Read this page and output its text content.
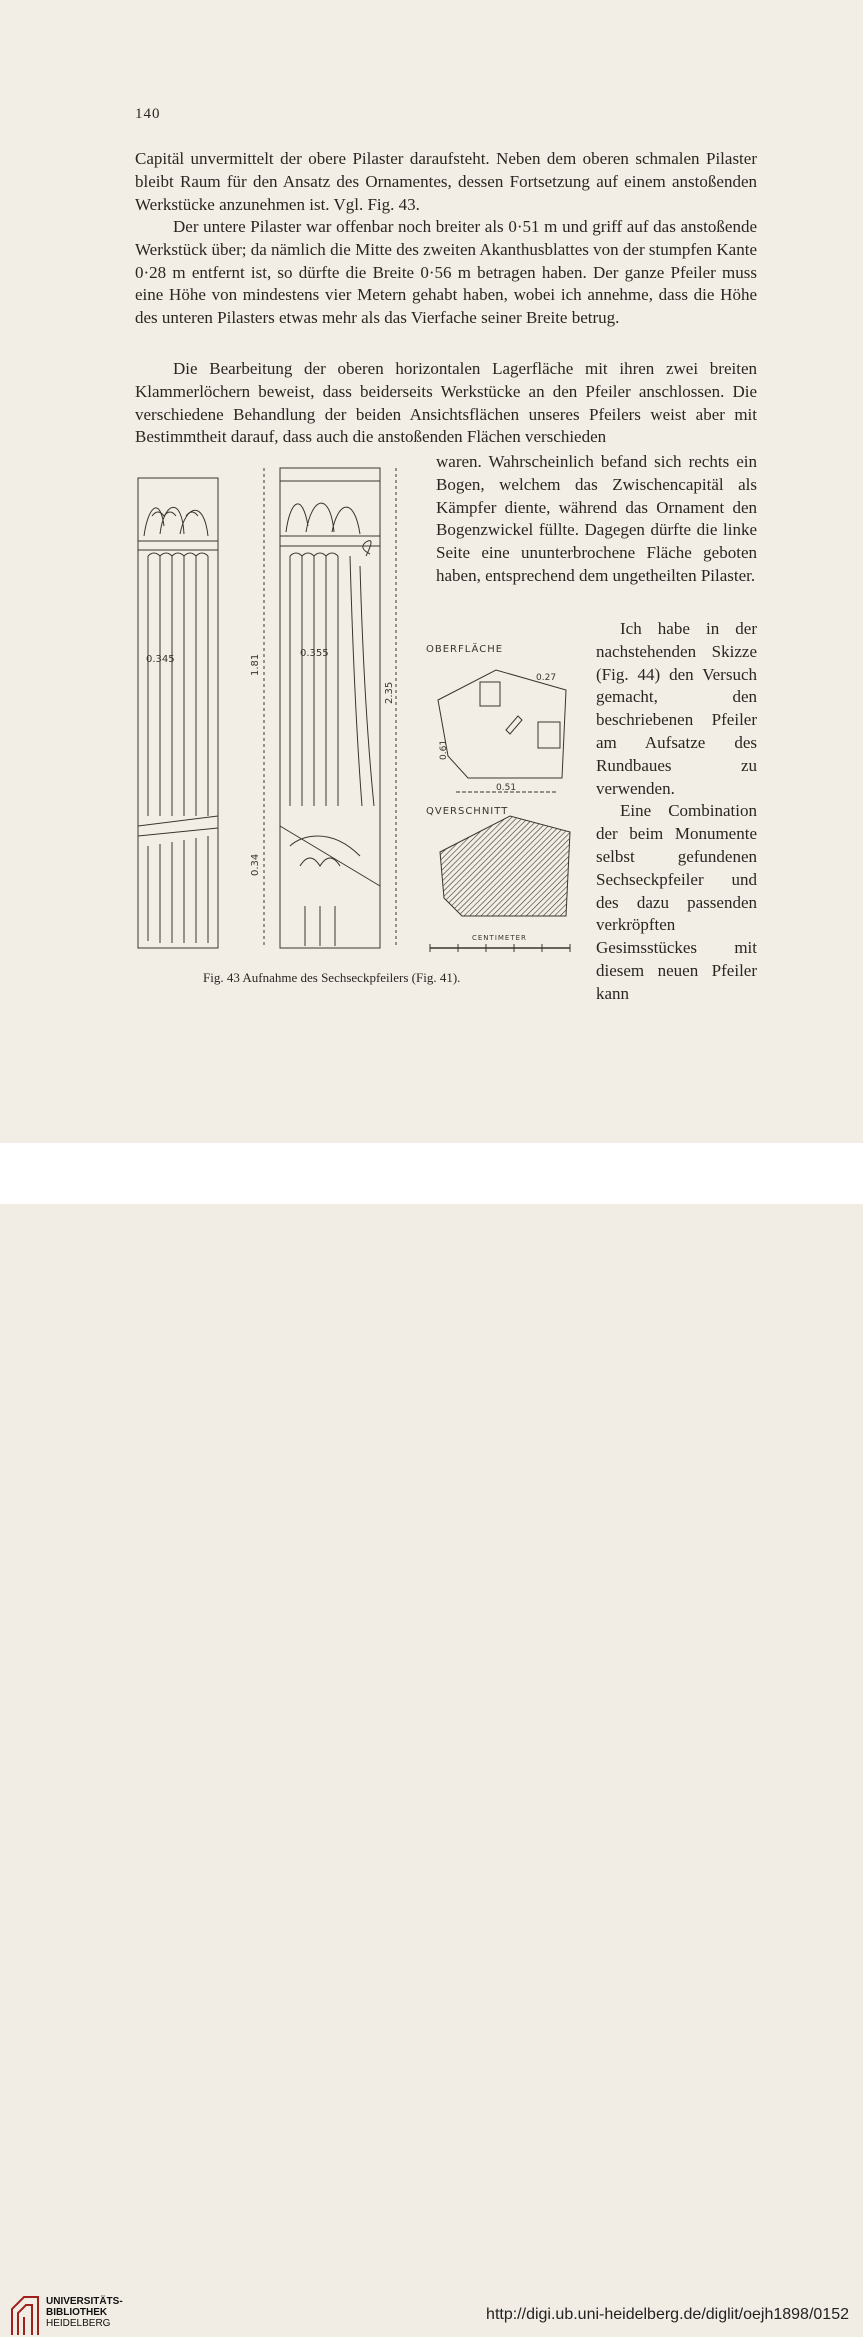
140
Capitäl unvermittelt der obere Pilaster daraufsteht. Neben dem oberen schmalen Pilaster bleibt Raum für den Ansatz des Ornamentes, dessen Fortsetzung auf einem anstoßenden Werkstücke anzunehmen ist. Vgl. Fig. 43.
Der untere Pilaster war offenbar noch breiter als 0·51 m und griff auf das anstoßende Werkstück über; da nämlich die Mitte des zweiten Akanthusblattes von der stumpfen Kante 0·28 m entfernt ist, so dürfte die Breite 0·56 m betragen haben. Der ganze Pfeiler muss eine Höhe von mindestens vier Metern gehabt haben, wobei ich annehme, dass die Höhe des unteren Pilasters etwas mehr als das Vierfache seiner Breite betrug.
Die Bearbeitung der oberen horizontalen Lagerfläche mit ihren zwei breiten Klammerlöchern beweist, dass beiderseits Werkstücke an den Pfeiler anschlossen. Die verschiedene Behandlung der beiden Ansichtsflächen unseres Pfeilers weist aber mit Bestimmtheit darauf, dass auch die anstoßenden Flächen verschieden
waren. Wahrscheinlich befand sich rechts ein Bogen, welchem das Zwischencapitäl als Kämpfer diente, während das Ornament den Bogenzwickel füllte. Dagegen dürfte die linke Seite eine ununterbrochene Fläche geboten haben, entsprechend dem ungetheilten Pilaster.
Ich habe in der nachstehenden Skizze (Fig. 44) den Versuch gemacht, den beschriebenen Pfeiler am Aufsatze des Rundbaues zu verwenden.
Eine Combination der beim Monumente selbst gefundenen Sechseckpfeiler und des dazu passenden verkröpften Gesimsstückes mit diesem neuen Pfeiler kann
0.345
0.355
1.81
2.35
0.34
OBERFLÄCHE
0.51
0.27
0.61
QVERSCHNITT
CENTIMETER
Fig. 43 Aufnahme des Sechseckpfeilers (Fig. 41).
UNIVERSITÄTS-
BIBLIOTHEK
HEIDELBERG
http://digi.ub.uni-heidelberg.de/diglit/oejh1898/0152
